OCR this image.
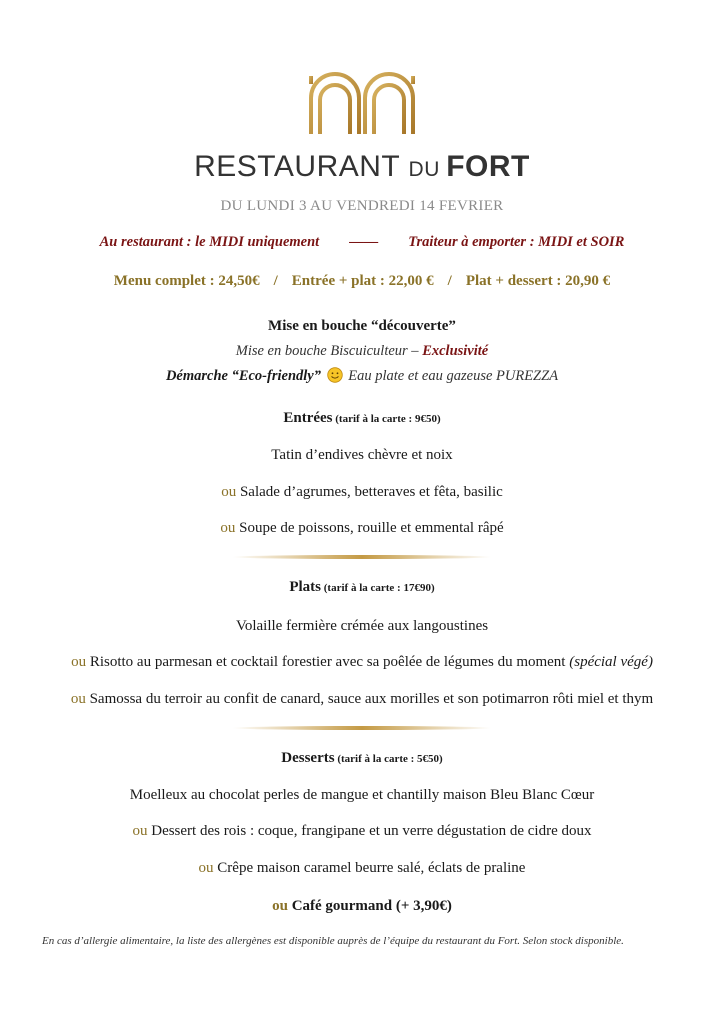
RESTAURANT DU FORT
DU LUNDI 3 AU VENDREDI 14 FEVRIER
Au restaurant : le MIDI uniquement —— Traiteur à emporter : MIDI et SOIR
Menu complet : 24,50€ / Entrée + plat : 22,00 € / Plat + dessert : 20,90 €
Mise en bouche “découverte”
Mise en bouche Biscuiculteur – Exclusivité
Démarche “Eco-friendly”  Eau plate et eau gazeuse PUREZZA
Entrées (tarif à la carte : 9€50)
Tatin d’endives chèvre et noix
ou Salade d’agrumes, betteraves et fêta, basilic
ou Soupe de poissons, rouille et emmental râpé
Plats (tarif à la carte : 17€90)
Volaille fermière crémée aux langoustines
ou Risotto au parmesan et cocktail forestier avec sa poêlée de légumes du moment (spécial végé)
ou Samossa du terroir au confit de canard, sauce aux morilles et son potimarron rôti miel et thym
Desserts (tarif à la carte : 5€50)
Moelleux au chocolat perles de mangue et chantilly maison Bleu Blanc Cœur
ou Dessert des rois : coque, frangipane et un verre dégustation de cidre doux
ou Crêpe maison caramel beurre salé, éclats de praline
ou Café gourmand (+ 3,90€)
En cas d’allergie alimentaire, la liste des allergènes est disponible auprès de l’équipe du restaurant du Fort. Selon stock disponible.
